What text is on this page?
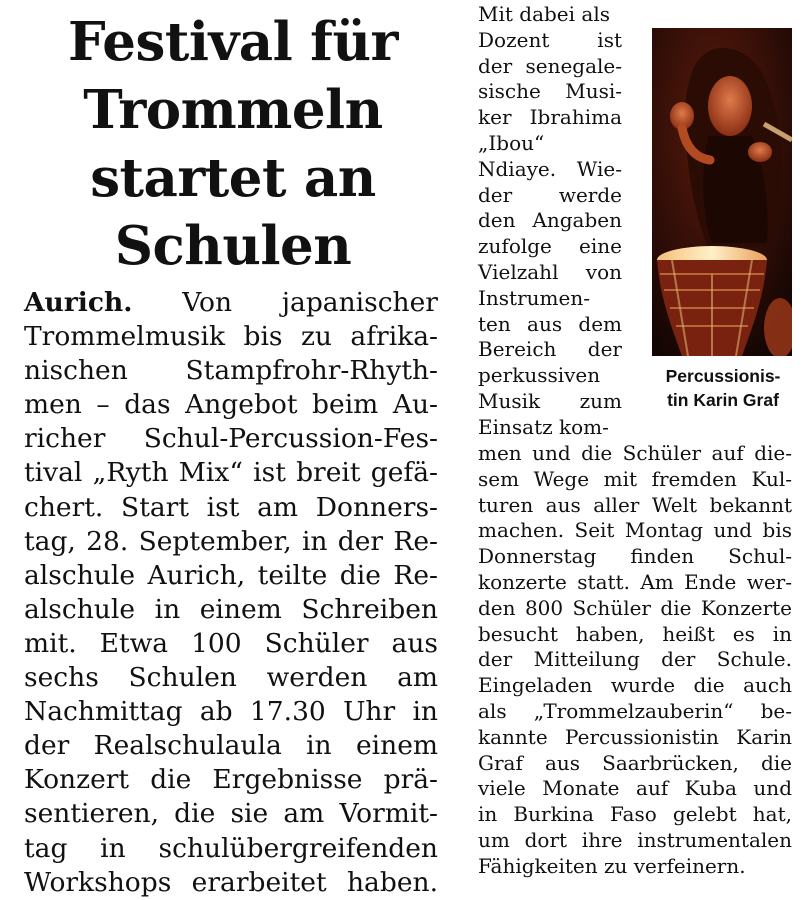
Festival für
Trommeln
startet an
Schulen
Aurich. Von japanischer
Trommelmusik bis zu afrika-
nischen Stampfrohr-Rhyth-
men – das Angebot beim Au-
richer Schul-Percussion-Fes-
tival „Ryth Mix“ ist breit gefä-
chert. Start ist am Donners-
tag, 28. September, in der Re-
alschule Aurich, teilte die Re-
alschule in einem Schreiben
mit. Etwa 100 Schüler aus
sechs Schulen werden am
Nachmittag ab 17.30 Uhr in
der Realschulaula in einem
Konzert die Ergebnisse prä-
sentieren, die sie am Vormit-
tag in schulübergreifenden
Workshops erarbeitet haben.
Mit dabei als
Dozent ist
der senegale-
sische Musi-
ker Ibrahima
„Ibou“
Ndiaye. Wie-
der werde
den Angaben
zufolge eine
Vielzahl von
Instrumen-
ten aus dem
Bereich der
perkussiven
Musik zum
Einsatz kom-
Percussionis-
tin Karin Graf
men und die Schüler auf die-
sem Wege mit fremden Kul-
turen aus aller Welt bekannt
machen. Seit Montag und bis
Donnerstag finden Schul-
konzerte statt. Am Ende wer-
den 800 Schüler die Konzerte
besucht haben, heißt es in
der Mitteilung der Schule.
Eingeladen wurde die auch
als „Trommelzauberin“ be-
kannte Percussionistin Karin
Graf aus Saarbrücken, die
viele Monate auf Kuba und
in Burkina Faso gelebt hat,
um dort ihre instrumentalen
Fähigkeiten zu verfeinern.
